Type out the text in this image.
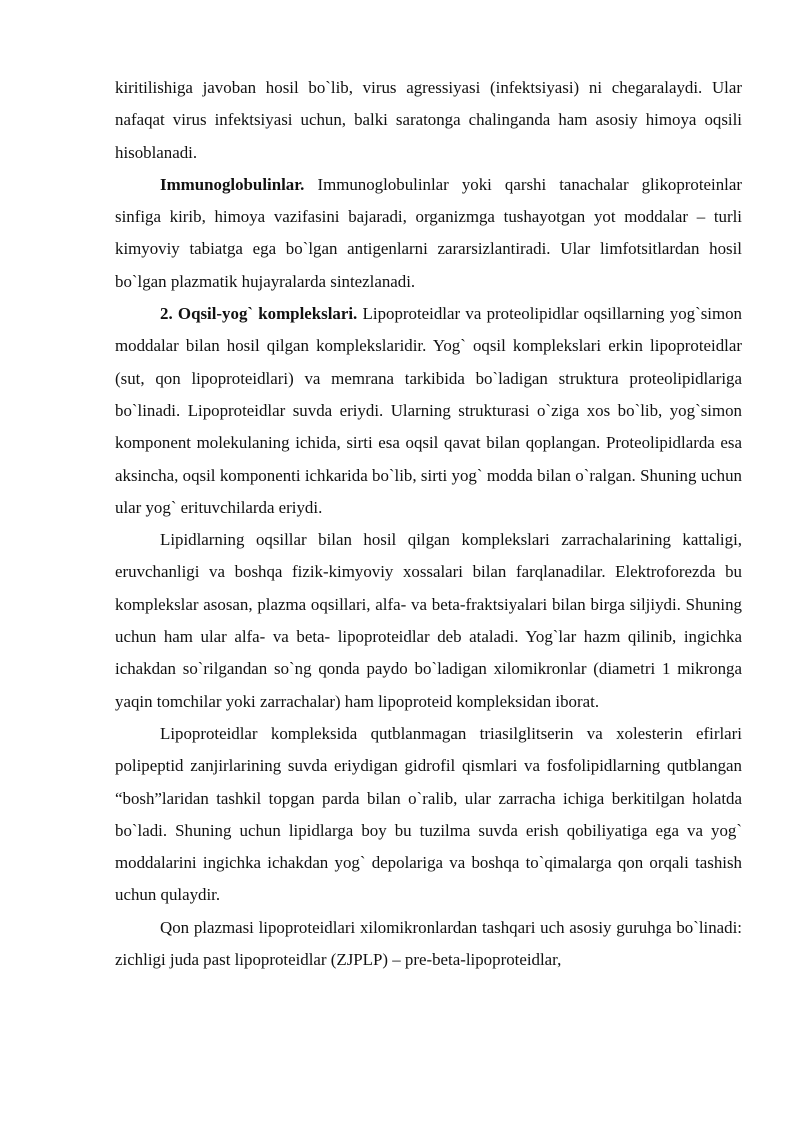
kiritilishiga javoban hosil bo`lib, virus agressiyasi (infektsiyasi) ni chegaralaydi. Ular nafaqat virus infektsiyasi uchun, balki saratonga chalinganda ham asosiy himoya oqsili hisoblanadi.

Immunoglobulinlar. Immunoglobulinlar yoki qarshi tanachalar glikoproteinlar sinfiga kirib, himoya vazifasini bajaradi, organizmga tushayotgan yot moddalar – turli kimyoviy tabiatga ega bo`lgan antigenlarni zararsizlantiradi. Ular limfotsitlardan hosil bo`lgan plazmatik hujayralarda sintezlanadi.

2. Oqsil-yog` komplekslari. Lipoproteidlar va proteolipidlar oqsillarning yog`simon moddalar bilan hosil qilgan komplekslaridir. Yog` oqsil komplekslari erkin lipoproteidlar (sut, qon lipoproteidlari) va memrana tarkibida bo`ladigan struktura proteolipidlariga bo`linadi. Lipoproteidlar suvda eriydi. Ularning strukturasi o`ziga xos bo`lib, yog`simon komponent molekulaning ichida, sirti esa oqsil qavat bilan qoplangan. Proteolipidlarda esa aksincha, oqsil komponenti ichkarida bo`lib, sirti yog` modda bilan o`ralgan. Shuning uchun ular yog` erituvchilarda eriydi.

Lipidlarning oqsillar bilan hosil qilgan komplekslari zarrachalarining kattaligi, eruvchanligi va boshqa fizik-kimyoviy xossalari bilan farqlanadilar. Elektroforezda bu komplekslar asosan, plazma oqsillari, alfa- va beta-fraktsiyalari bilan birga siljiydi. Shuning uchun ham ular alfa- va beta- lipoproteidlar deb ataladi. Yog`lar hazm qilinib, ingichka ichakdan so`rilgandan so`ng qonda paydo bo`ladigan xilomikronlar (diametri 1 mikronga yaqin tomchilar yoki zarrachalar) ham lipoproteid kompleksidan iborat.

Lipoproteidlar kompleksida qutblanmagan triasilglitserin va xolesterin efirlari polipeptid zanjirlarining suvda eriydigan gidrofil qismlari va fosfolipidlarning qutblangan “bosh”laridan tashkil topgan parda bilan o`ralib, ular zarracha ichiga berkitilgan holatda bo`ladi. Shuning uchun lipidlarga boy bu tuzilma suvda erish qobiliyatiga ega va yog` moddalarini ingichka ichakdan yog` depolariga va boshqa to`qimalarga qon orqali tashish uchun qulaydir.

Qon plazmasi lipoproteidlari xilomikronlardan tashqari uch asosiy guruhga bo`linadi: zichligi juda past lipoproteidlar (ZJPLP) – pre-beta-lipoproteidlar,
